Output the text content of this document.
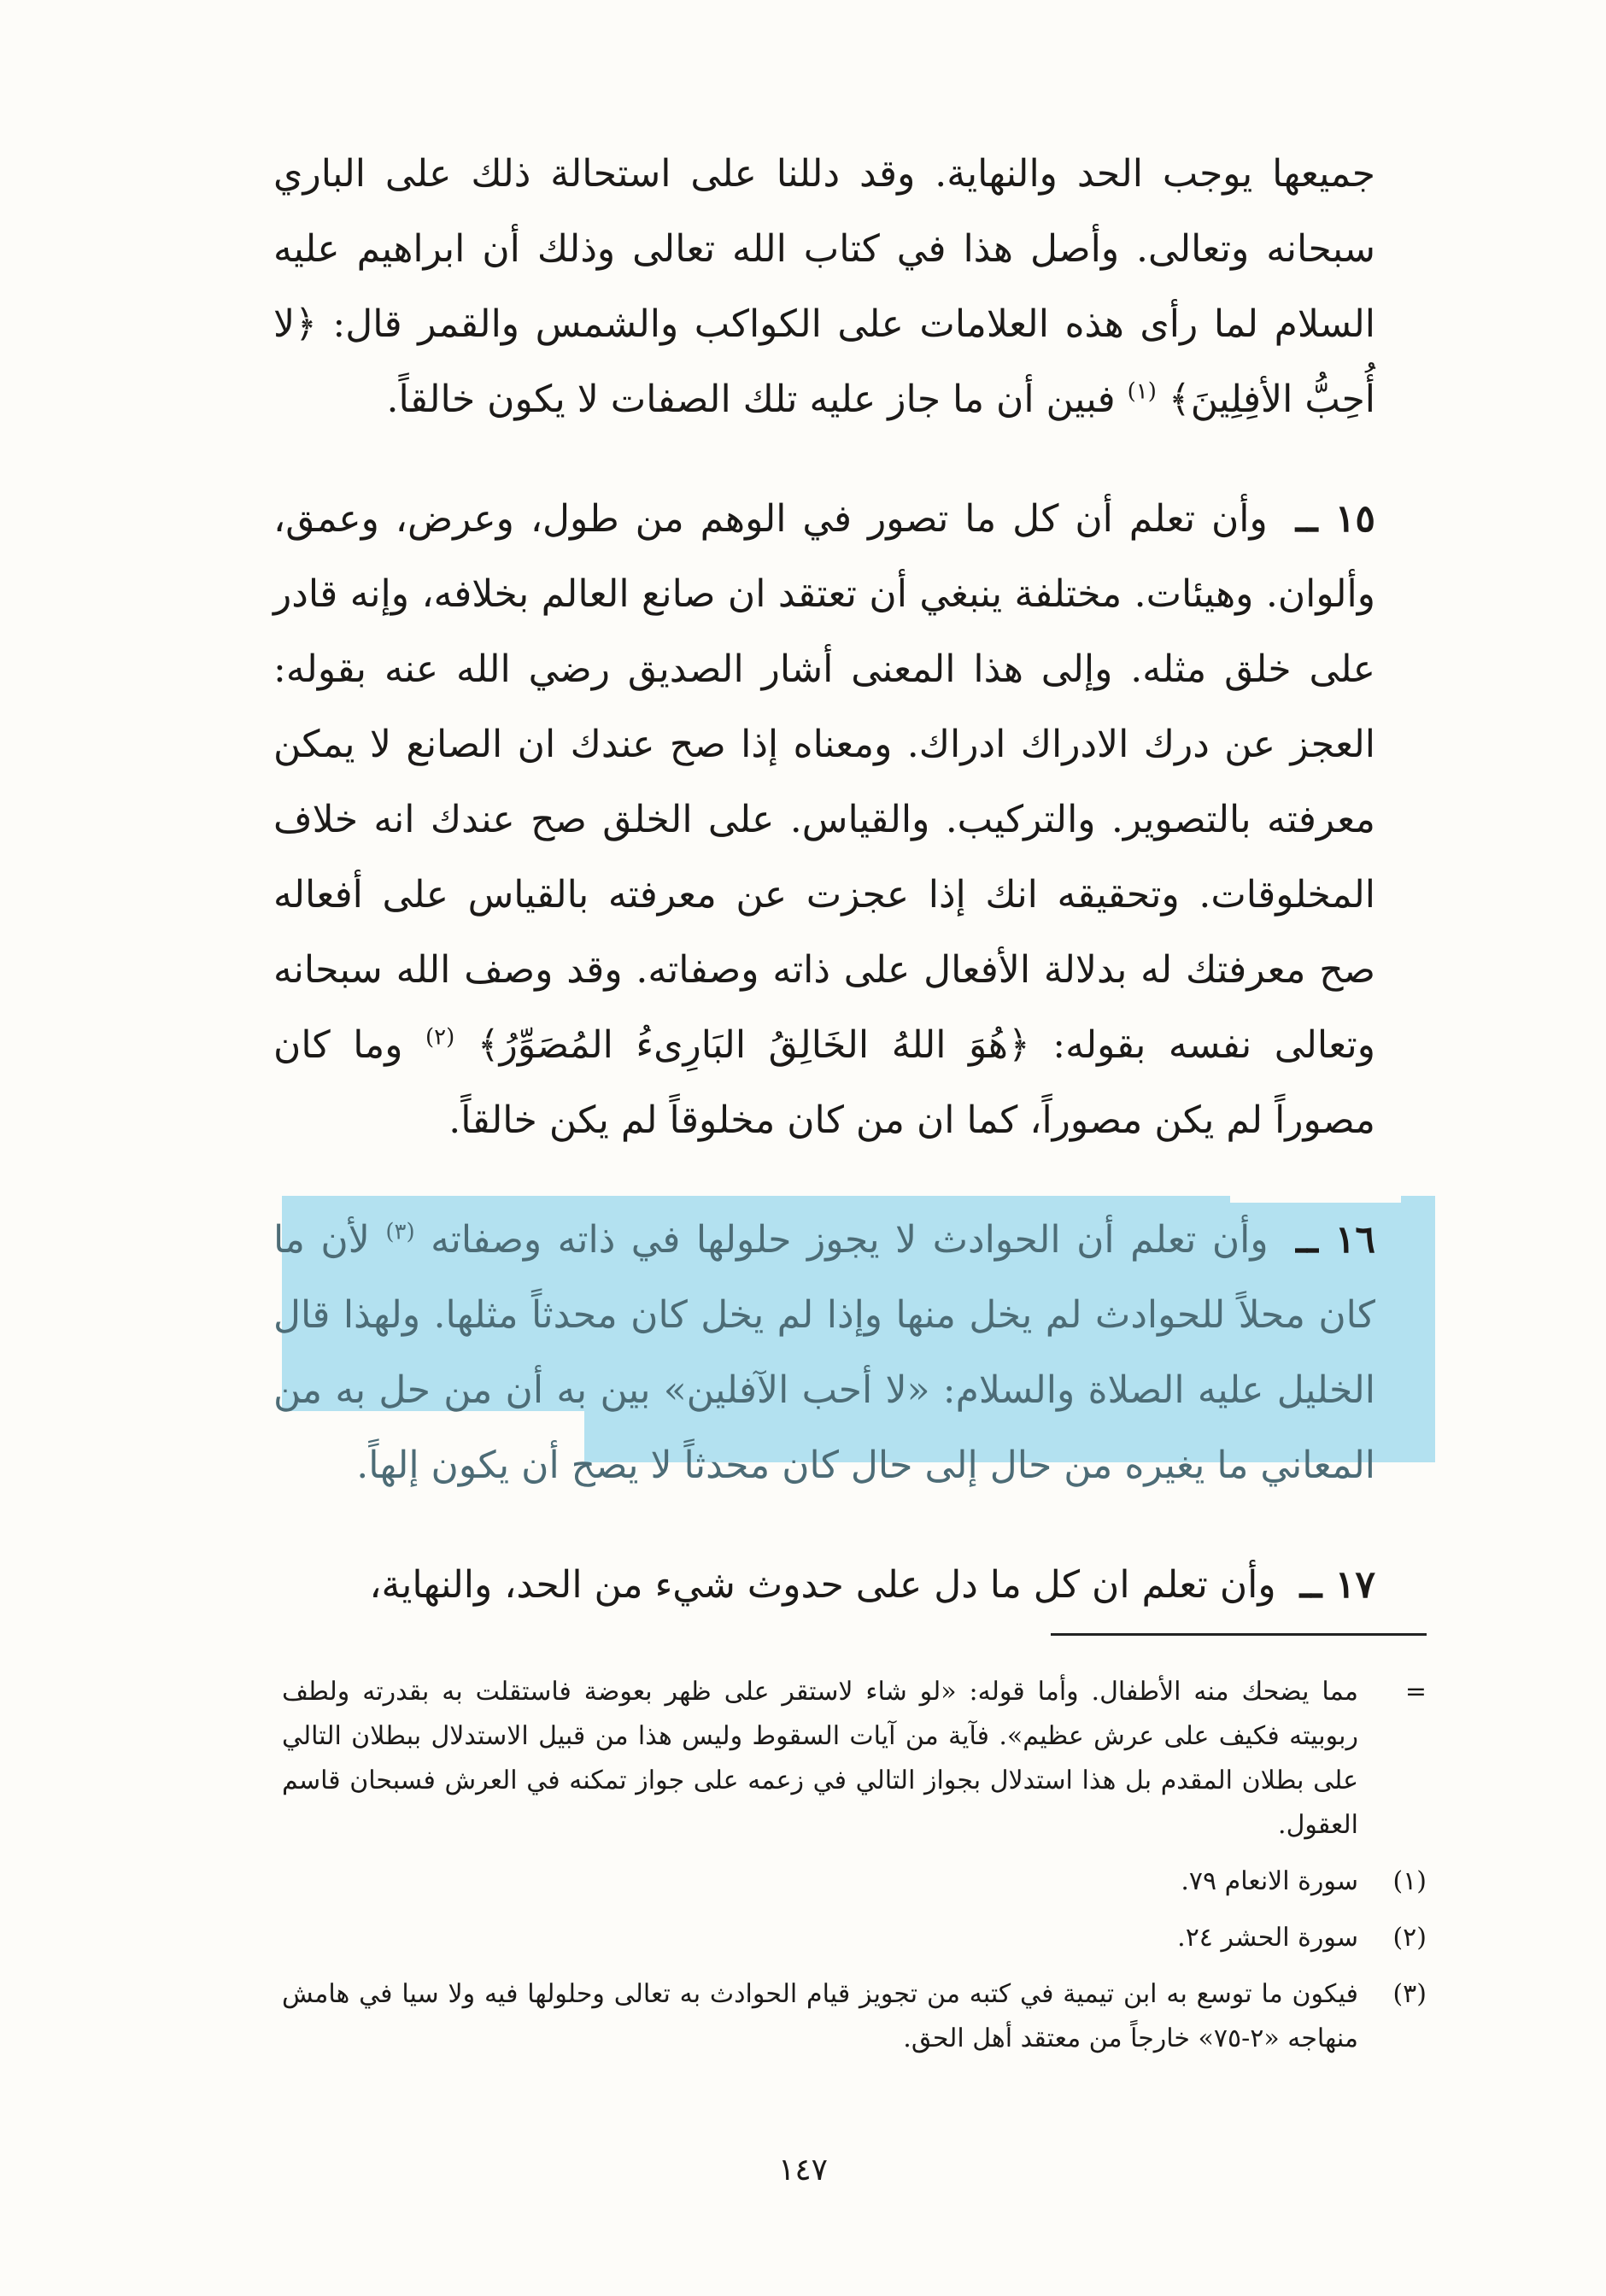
جميعها يوجب الحد والنهاية. وقد دللنا على استحالة ذلك على الباري سبحانه وتعالى. وأصل هذا في كتاب الله تعالى وذلك أن ابراهيم عليه السلام لما رأى هذه العلامات على الكواكب والشمس والقمر قال: ﴿لا أُحِبُّ الأفِلِينَ﴾ $^{(١)}$ فبين أن ما جاز عليه تلك الصفات لا يكون خالقاً.

١٥ ــ وأن تعلم أن كل ما تصور في الوهم من طول، وعرض، وعمق، وألوان. وهيئات. مختلفة ينبغي أن تعتقد ان صانع العالم بخلافه، وإنه قادر على خلق مثله. وإلى هذا المعنى أشار الصديق رضي الله عنه بقوله: العجز عن درك الادراك ادراك. ومعناه إذا صح عندك ان الصانع لا يمكن معرفته بالتصوير. والتركيب. والقياس. على الخلق صح عندك انه خلاف المخلوقات. وتحقيقه انك إذا عجزت عن معرفته بالقياس على أفعاله صح معرفتك له بدلالة الأفعال على ذاته وصفاته. وقد وصف الله سبحانه وتعالى نفسه بقوله: ﴿هُوَ اللهُ الخَالِقُ البَارِىءُ المُصَوِّرُ﴾ $^{(٢)}$ وما كان مصوراً لم يكن مصوراً، كما ان من كان مخلوقاً لم يكن خالقاً.

١٦ ــ وأن تعلم أن الحوادث لا يجوز حلولها في ذاته وصفاته $^{(٣)}$ لأن ما كان محلاً للحوادث لم يخل منها وإذا لم يخل كان محدثاً مثلها. ولهذا قال الخليل عليه الصلاة والسلام: «لا أحب الآفلين» بين به أن من حل به من المعاني ما يغيره من حال إلى حال كان محدثاً لا يصح أن يكون إلهاً.

١٧ ــ وأن تعلم ان كل ما دل على حدوث شيء من الحد، والنهاية،

=
مما يضحك منه الأطفال. وأما قوله: «لو شاء لاستقر على ظهر بعوضة فاستقلت به بقدرته ولطف ربوبيته فكيف على عرش عظيم». فآية من آيات السقوط وليس هذا من قبيل الاستدلال ببطلان التالي على بطلان المقدم بل هذا استدلال بجواز التالي في زعمه على جواز تمكنه في العرش فسبحان قاسم العقول.
(١)
سورة الانعام ٧٩.
(٢)
سورة الحشر ٢٤.
(٣)
فيكون ما توسع به ابن تيمية في كتبه من تجويز قيام الحوادث به تعالى وحلولها فيه ولا سيا في هامش منهاجه «٢-٧٥» خارجاً من معتقد أهل الحق.
١٤٧
